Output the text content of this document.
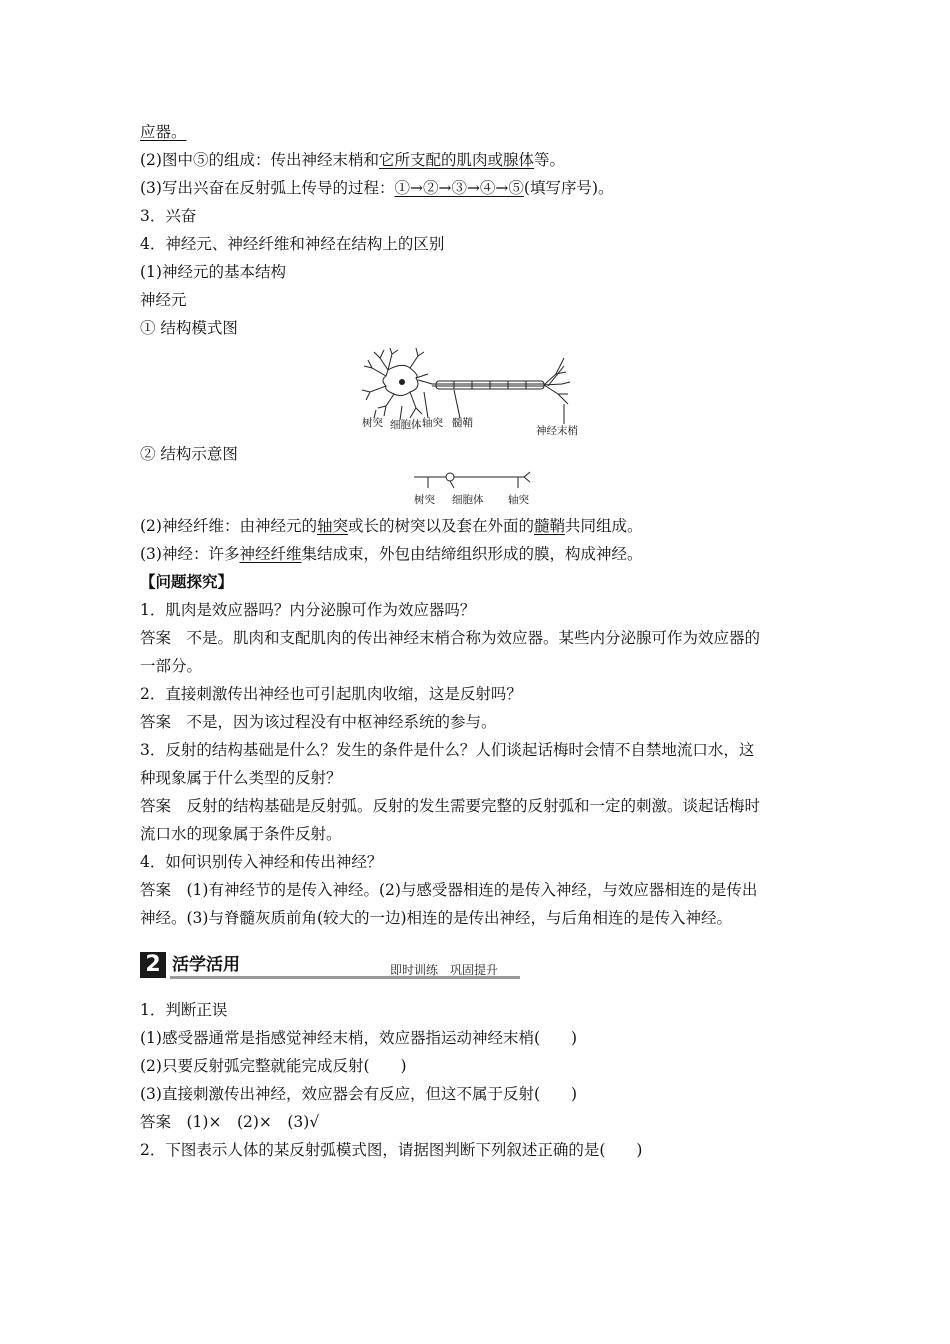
应器。
(2)图中⑤的组成：传出神经末梢和它所支配的肌肉或腺体等。
(3)写出兴奋在反射弧上传导的过程：①→②→③→④→⑤(填写序号)。
3．兴奋
4．神经元、神经纤维和神经在结构上的区别
(1)神经元的基本结构
神经元
① 结构模式图
树突 细胞体 轴突 髓鞘
神经末梢
② 结构示意图
树突 细胞体 轴突
(2)神经纤维：由神经元的轴突或长的树突以及套在外面的髓鞘共同组成。
(3)神经：许多神经纤维集结成束，外包由结缔组织形成的膜，构成神经。
【问题探究】
1．肌肉是效应器吗？内分泌腺可作为效应器吗？
答案　不是。肌肉和支配肌肉的传出神经末梢合称为效应器。某些内分泌腺可作为效应器的
一部分。
2．直接刺激传出神经也可引起肌肉收缩，这是反射吗？
答案　不是，因为该过程没有中枢神经系统的参与。
3．反射的结构基础是什么？发生的条件是什么？人们谈起话梅时会情不自禁地流口水，这
种现象属于什么类型的反射？
答案　反射的结构基础是反射弧。反射的发生需要完整的反射弧和一定的刺激。谈起话梅时
流口水的现象属于条件反射。
4．如何识别传入神经和传出神经？
答案　(1)有神经节的是传入神经。(2)与感受器相连的是传入神经，与效应器相连的是传出
神经。(3)与脊髓灰质前角(较大的一边)相连的是传出神经，与后角相连的是传入神经。
2 活学活用	即时训练　巩固提升
1．判断正误
(1)感受器通常是指感觉神经末梢，效应器指运动神经末梢(　　)
(2)只要反射弧完整就能完成反射(　　)
(3)直接刺激传出神经，效应器会有反应，但这不属于反射(　　)
答案　(1)×　(2)×　(3)√
2．下图表示人体的某反射弧模式图，请据图判断下列叙述正确的是(　　)
